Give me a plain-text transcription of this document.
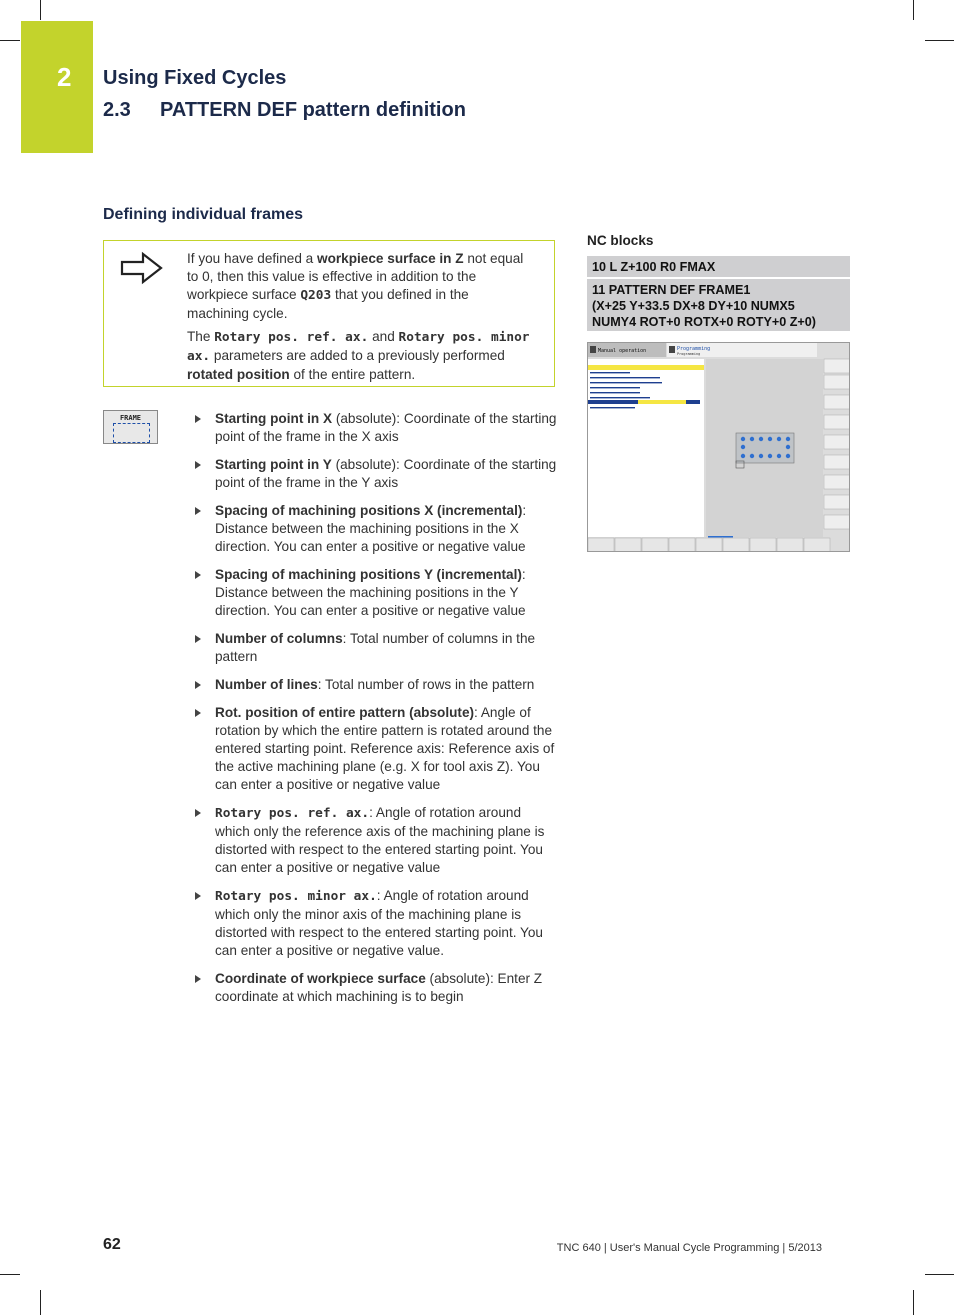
2 Using Fixed Cycles
2.3 PATTERN DEF pattern definition
Defining individual frames

If you have defined a workpiece surface in Z not equal to 0, then this value is effective in addition to the workpiece surface Q203 that you defined in the machining cycle.

The Rotary pos. ref. ax. and Rotary pos. minor ax. parameters are added to a previously performed rotated position of the entire pattern.

FRAME	Starting point in X (absolute): Coordinate of the starting point of the frame in the X axis
Starting point in Y (absolute): Coordinate of the starting point of the frame in the Y axis
Spacing of machining positions X (incremental): Distance between the machining positions in the X direction. You can enter a positive or negative value
Spacing of machining positions Y (incremental): Distance between the machining positions in the Y direction. You can enter a positive or negative value
Number of columns: Total number of columns in the pattern
Number of lines: Total number of rows in the pattern
Rot. position of entire pattern (absolute): Angle of rotation by which the entire pattern is rotated around the entered starting point. Reference axis: Reference axis of the active machining plane (e.g. X for tool axis Z). You can enter a positive or negative value
Rotary pos. ref. ax.: Angle of rotation around which only the reference axis of the machining plane is distorted with respect to the entered starting point. You can enter a positive or negative value
Rotary pos. minor ax.: Angle of rotation around which only the minor axis of the machining plane is distorted with respect to the entered starting point. You can enter a positive or negative value.
Coordinate of workpiece surface (absolute): Enter Z coordinate at which machining is to begin
NC blocks
10 L Z+100 R0 FMAX
11 PATTERN DEF FRAME1
(X+25 Y+33.5 DX+8 DY+10 NUMX5
NUMY4 ROT+0 ROTX+0 ROTY+0 Z+0)
Manual operation	Programming
Programming
62	TNC 640 | User's Manual Cycle Programming | 5/2013
